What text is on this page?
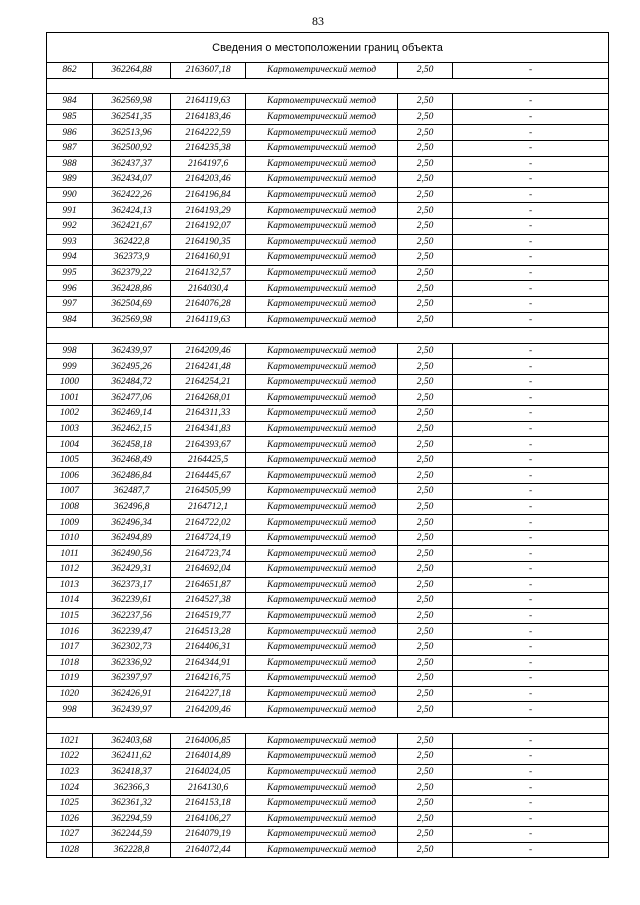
83
Сведения о местоположении границ объекта					
862	362264,88	2163607,18	Картометрический метод	2,50	-

984	362569,98	2164119,63	Картометрический метод	2,50	-
985	362541,35	2164183,46	Картометрический метод	2,50	-
986	362513,96	2164222,59	Картометрический метод	2,50	-
987	362500,92	2164235,38	Картометрический метод	2,50	-
988	362437,37	2164197,6	Картометрический метод	2,50	-
989	362434,07	2164203,46	Картометрический метод	2,50	-
990	362422,26	2164196,84	Картометрический метод	2,50	-
991	362424,13	2164193,29	Картометрический метод	2,50	-
992	362421,67	2164192,07	Картометрический метод	2,50	-
993	362422,8	2164190,35	Картометрический метод	2,50	-
994	362373,9	2164160,91	Картометрический метод	2,50	-
995	362379,22	2164132,57	Картометрический метод	2,50	-
996	362428,86	2164030,4	Картометрический метод	2,50	-
997	362504,69	2164076,28	Картометрический метод	2,50	-
984	362569,98	2164119,63	Картометрический метод	2,50	-

998	362439,97	2164209,46	Картометрический метод	2,50	-
999	362495,26	2164241,48	Картометрический метод	2,50	-
1000	362484,72	2164254,21	Картометрический метод	2,50	-
1001	362477,06	2164268,01	Картометрический метод	2,50	-
1002	362469,14	2164311,33	Картометрический метод	2,50	-
1003	362462,15	2164341,83	Картометрический метод	2,50	-
1004	362458,18	2164393,67	Картометрический метод	2,50	-
1005	362468,49	2164425,5	Картометрический метод	2,50	-
1006	362486,84	2164445,67	Картометрический метод	2,50	-
1007	362487,7	2164505,99	Картометрический метод	2,50	-
1008	362496,8	2164712,1	Картометрический метод	2,50	-
1009	362496,34	2164722,02	Картометрический метод	2,50	-
1010	362494,89	2164724,19	Картометрический метод	2,50	-
1011	362490,56	2164723,74	Картометрический метод	2,50	-
1012	362429,31	2164692,04	Картометрический метод	2,50	-
1013	362373,17	2164651,87	Картометрический метод	2,50	-
1014	362239,61	2164527,38	Картометрический метод	2,50	-
1015	362237,56	2164519,77	Картометрический метод	2,50	-
1016	362239,47	2164513,28	Картометрический метод	2,50	-
1017	362302,73	2164406,31	Картометрический метод	2,50	-
1018	362336,92	2164344,91	Картометрический метод	2,50	-
1019	362397,97	2164216,75	Картометрический метод	2,50	-
1020	362426,91	2164227,18	Картометрический метод	2,50	-
998	362439,97	2164209,46	Картометрический метод	2,50	-

1021	362403,68	2164006,85	Картометрический метод	2,50	-
1022	362411,62	2164014,89	Картометрический метод	2,50	-
1023	362418,37	2164024,05	Картометрический метод	2,50	-
1024	362366,3	2164130,6	Картометрический метод	2,50	-
1025	362361,32	2164153,18	Картометрический метод	2,50	-
1026	362294,59	2164106,27	Картометрический метод	2,50	-
1027	362244,59	2164079,19	Картометрический метод	2,50	-
1028	362228,8	2164072,44	Картометрический метод	2,50	-
